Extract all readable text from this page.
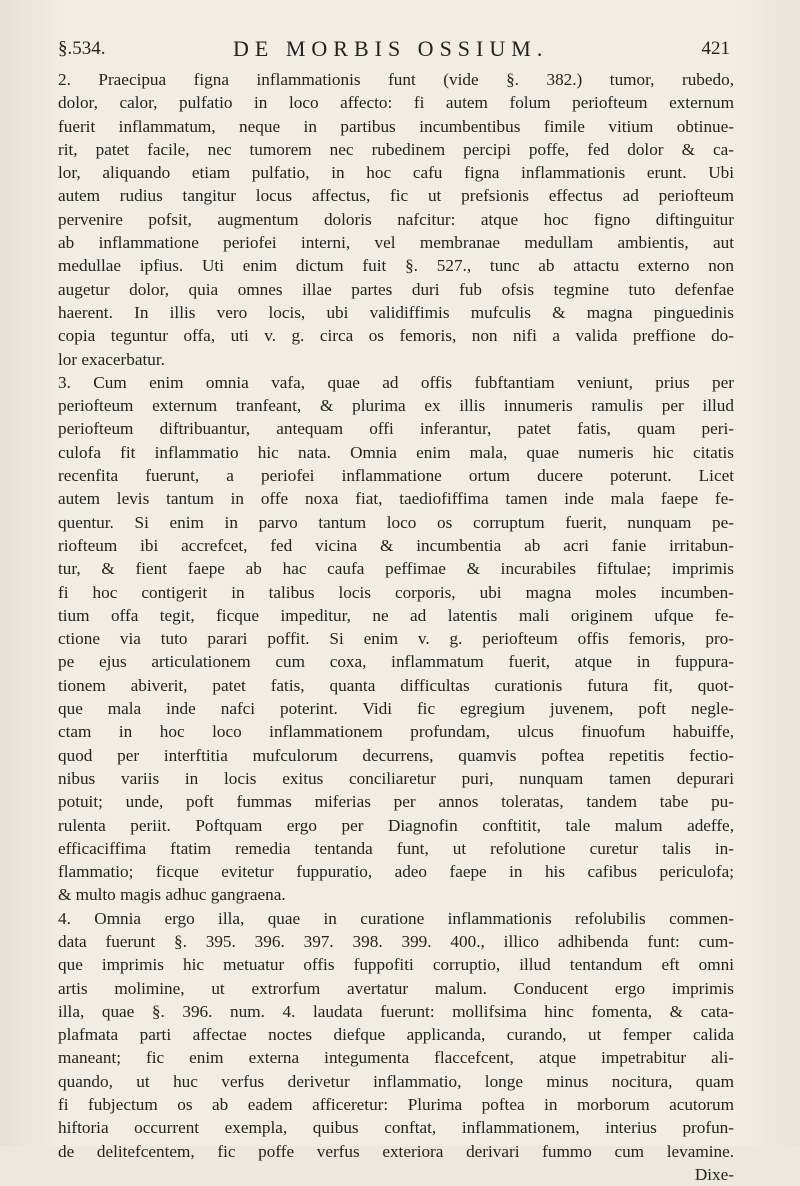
§.534.	DE MORBIS OSSIUM.	421
2. Praecipua figna inflammationis funt (vide §. 382.) tumor, rubedo,
dolor, calor, pulfatio in loco affecto: fi autem folum periofteum externum
fuerit inflammatum, neque in partibus incumbentibus fimile vitium obtinue-
rit, patet facile, nec tumorem nec rubedinem percipi poffe, fed dolor & ca-
lor, aliquando etiam pulfatio, in hoc cafu figna inflammationis erunt. Ubi
autem rudius tangitur locus affectus, fic ut prefsionis effectus ad periofteum
pervenire pofsit, augmentum doloris nafcitur: atque hoc figno diftinguitur
ab inflammatione periofei interni, vel membranae medullam ambientis, aut
medullae ipfius. Uti enim dictum fuit §. 527., tunc ab attactu externo non
augetur dolor, quia omnes illae partes duri fub ofsis tegmine tuto defenfae
haerent. In illis vero locis, ubi validiffimis mufculis & magna pinguedinis
copia teguntur offa, uti v. g. circa os femoris, non nifi a valida preffione do-
lor exacerbatur.
3. Cum enim omnia vafa, quae ad offis fubftantiam veniunt, prius per
periofteum externum tranfeant, & plurima ex illis innumeris ramulis per illud
periofteum diftribuantur, antequam offi inferantur, patet fatis, quam peri-
culofa fit inflammatio hic nata. Omnia enim mala, quae numeris hic citatis
recenfita fuerunt, a periofei inflammatione ortum ducere poterunt. Licet
autem levis tantum in offe noxa fiat, taediofiffima tamen inde mala faepe fe-
quentur. Si enim in parvo tantum loco os corruptum fuerit, nunquam pe-
riofteum ibi accrefcet, fed vicina & incumbentia ab acri fanie irritabun-
tur, & fient faepe ab hac caufa peffimae & incurabiles fiftulae; imprimis
fi hoc contigerit in talibus locis corporis, ubi magna moles incumben-
tium offa tegit, ficque impeditur, ne ad latentis mali originem ufque fe-
ctione via tuto parari poffit. Si enim v. g. periofteum offis femoris, pro-
pe ejus articulationem cum coxa, inflammatum fuerit, atque in fuppura-
tionem abiverit, patet fatis, quanta difficultas curationis futura fit, quot-
que mala inde nafci poterint. Vidi fic egregium juvenem, poft negle-
ctam in hoc loco inflammationem profundam, ulcus finuofum habuiffe,
quod per interftitia mufculorum decurrens, quamvis poftea repetitis fectio-
nibus variis in locis exitus conciliaretur puri, nunquam tamen depurari
potuit; unde, poft fummas miferias per annos toleratas, tandem tabe pu-
rulenta periit. Poftquam ergo per Diagnofin conftitit, tale malum adeffe,
efficaciffima ftatim remedia tentanda funt, ut refolutione curetur talis in-
flammatio; ficque evitetur fuppuratio, adeo faepe in his cafibus periculofa;
& multo magis adhuc gangraena.
4. Omnia ergo illa, quae in curatione inflammationis refolubilis commen-
data fuerunt §. 395. 396. 397. 398. 399. 400., illico adhibenda funt: cum-
que imprimis hic metuatur offis fuppofiti corruptio, illud tentandum eft omni
artis molimine, ut extrorfum avertatur malum. Conducent ergo imprimis
illa, quae §. 396. num. 4. laudata fuerunt: mollifsima hinc fomenta, & cata-
plafmata parti affectae noctes diefque applicanda, curando, ut femper calida
maneant; fic enim externa integumenta flaccefcent, atque impetrabitur ali-
quando, ut huc verfus derivetur inflammatio, longe minus nocitura, quam
fi fubjectum os ab eadem afficeretur: Plurima poftea in morborum acutorum
hiftoria occurrent exempla, quibus conftat, inflammationem, interius profun-
de delitefcentem, fic poffe verfus exteriora derivari fummo cum levamine.
Dixe-
